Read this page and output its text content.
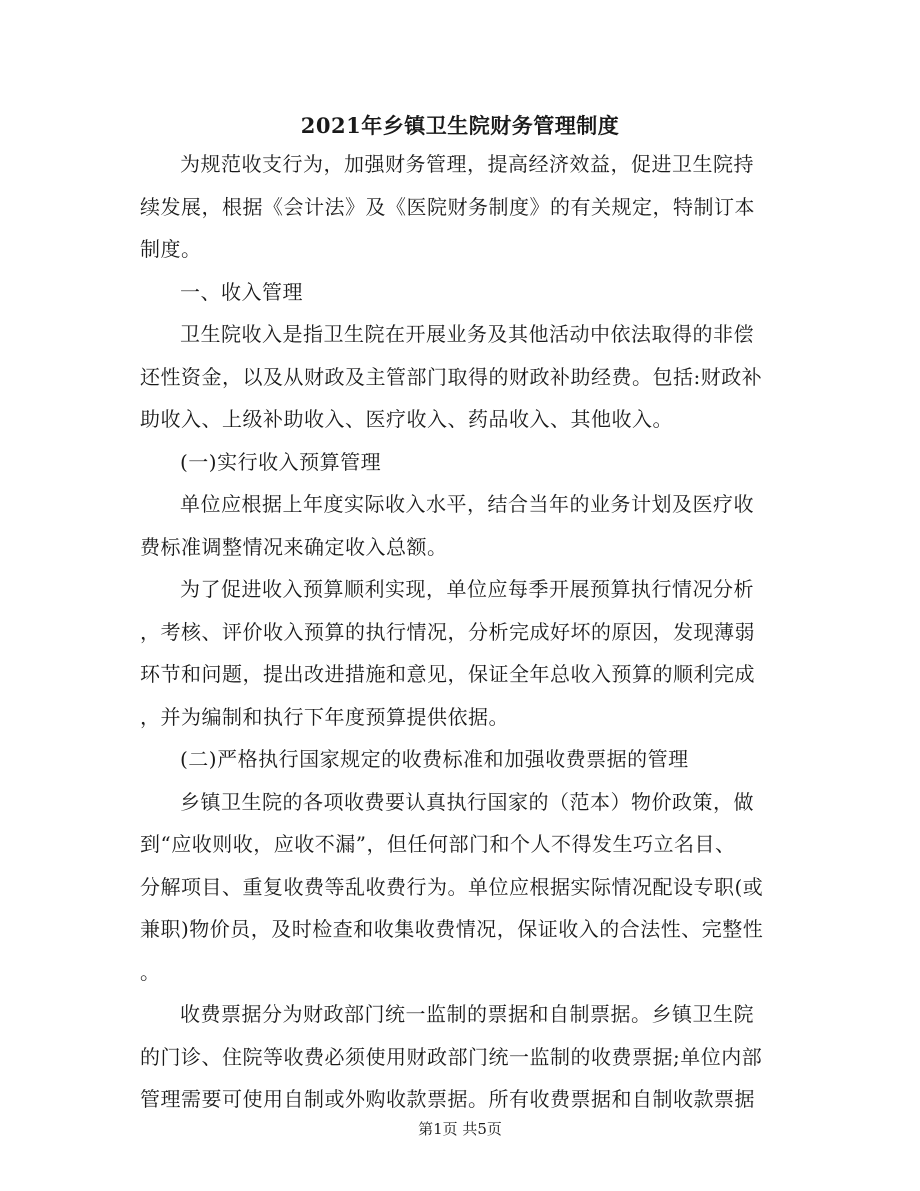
2021年乡镇卫生院财务管理制度
为规范收支行为，加强财务管理，提高经济效益，促进卫生院持
续发展，根据《会计法》及《医院财务制度》的有关规定，特制订本
制度。
一、收入管理
卫生院收入是指卫生院在开展业务及其他活动中依法取得的非偿
还性资金，以及从财政及主管部门取得的财政补助经费。包括:财政补
助收入、上级补助收入、医疗收入、药品收入、其他收入。
(一)实行收入预算管理
单位应根据上年度实际收入水平，结合当年的业务计划及医疗收
费标准调整情况来确定收入总额。
为了促进收入预算顺利实现，单位应每季开展预算执行情况分析
，考核、评价收入预算的执行情况，分析完成好坏的原因，发现薄弱
环节和问题，提出改进措施和意见，保证全年总收入预算的顺利完成
，并为编制和执行下年度预算提供依据。
(二)严格执行国家规定的收费标准和加强收费票据的管理
乡镇卫生院的各项收费要认真执行国家的（范本）物价政策，做
到“应收则收，应收不漏”，但任何部门和个人不得发生巧立名目、
分解项目、重复收费等乱收费行为。单位应根据实际情况配设专职(或
兼职)物价员，及时检查和收集收费情况，保证收入的合法性、完整性
。
收费票据分为财政部门统一监制的票据和自制票据。乡镇卫生院
的门诊、住院等收费必须使用财政部门统一监制的收费票据;单位内部
管理需要可使用自制或外购收款票据。所有收费票据和自制收款票据
第1页 共5页
